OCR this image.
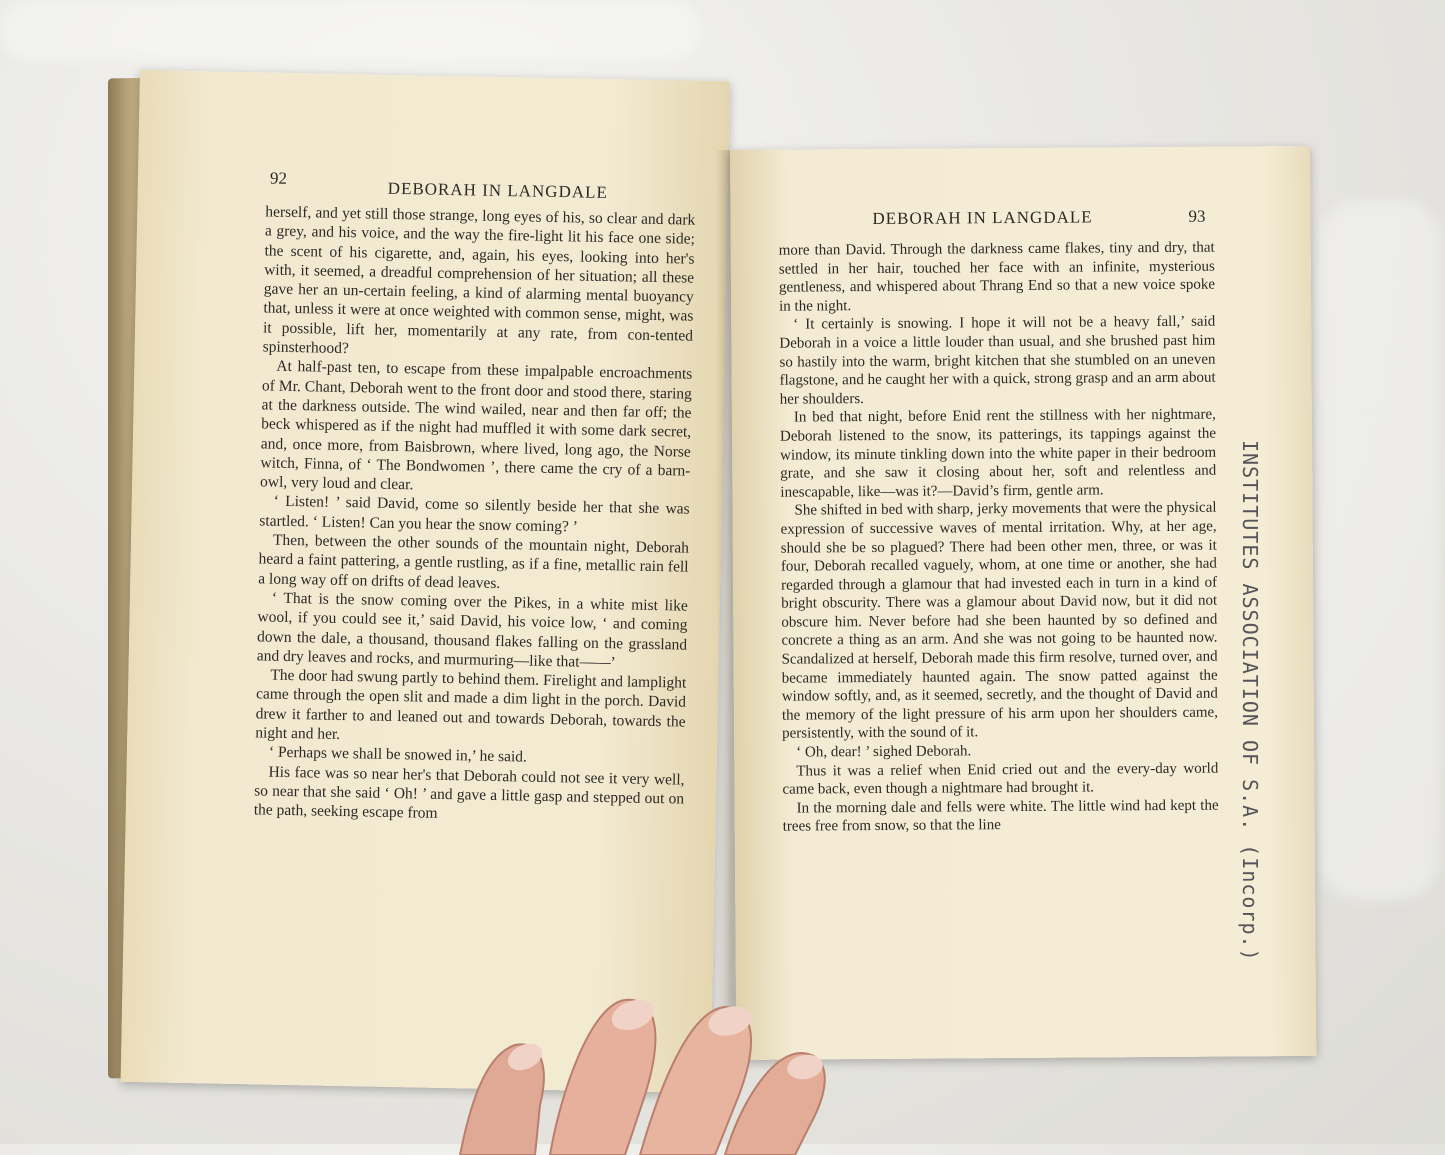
92
DEBORAH IN LANGDALE

herself, and yet still those strange, long eyes of his, so clear and dark a grey, and his voice, and the way the fire-light lit his face one side; the scent of his cigarette, and, again, his eyes, looking into her's with, it seemed, a dreadful comprehension of her situation; all these gave her an un-certain feeling, a kind of alarming mental buoyancy that, unless it were at once weighted with common sense, might, was it possible, lift her, momentarily at any rate, from con-tented spinsterhood?

At half-past ten, to escape from these impalpable encroachments of Mr. Chant, Deborah went to the front door and stood there, staring at the darkness outside. The wind wailed, near and then far off; the beck whispered as if the night had muffled it with some dark secret, and, once more, from Baisbrown, where lived, long ago, the Norse witch, Finna, of ‘ The Bondwomen ’, there came the cry of a barn-owl, very loud and clear.

‘ Listen! ’ said David, come so silently beside her that she was startled. ‘ Listen! Can you hear the snow coming? ’

Then, between the other sounds of the mountain night, Deborah heard a faint pattering, a gentle rustling, as if a fine, metallic rain fell a long way off on drifts of dead leaves.

‘ That is the snow coming over the Pikes, in a white mist like wool, if you could see it,’ said David, his voice low, ‘ and coming down the dale, a thousand, thousand flakes falling on the grassland and dry leaves and rocks, and murmuring—like that——’

The door had swung partly to behind them. Firelight and lamplight came through the open slit and made a dim light in the porch. David drew it farther to and leaned out and towards Deborah, towards the night and her.

‘ Perhaps we shall be snowed in,’ he said.

His face was so near her's that Deborah could not see it very well, so near that she said ‘ Oh! ’ and gave a little gasp and stepped out on the path, seeking escape from

DEBORAH IN LANGDALE	93

more than David. Through the darkness came flakes, tiny and dry, that settled in her hair, touched her face with an infinite, mysterious gentleness, and whispered about Thrang End so that a new voice spoke in the night.

‘ It certainly is snowing. I hope it will not be a heavy fall,’ said Deborah in a voice a little louder than usual, and she brushed past him so hastily into the warm, bright kitchen that she stumbled on an uneven flagstone, and he caught her with a quick, strong grasp and an arm about her shoulders.

In bed that night, before Enid rent the stillness with her nightmare, Deborah listened to the snow, its patterings, its tappings against the window, its minute tinkling down into the white paper in their bedroom grate, and she saw it closing about her, soft and relentless and inescapable, like—was it?—David’s firm, gentle arm.

She shifted in bed with sharp, jerky movements that were the physical expression of successive waves of mental irritation. Why, at her age, should she be so plagued? There had been other men, three, or was it four, Deborah recalled vaguely, whom, at one time or another, she had regarded through a glamour that had invested each in turn in a kind of bright obscurity. There was a glamour about David now, but it did not obscure him. Never before had she been haunted by so defined and concrete a thing as an arm. And she was not going to be haunted now. Scandalized at herself, Deborah made this firm resolve, turned over, and became immediately haunted again. The snow patted against the window softly, and, as it seemed, secretly, and the thought of David and the memory of the light pressure of his arm upon her shoulders came, persistently, with the sound of it.

‘ Oh, dear! ’ sighed Deborah.

Thus it was a relief when Enid cried out and the every-day world came back, even though a nightmare had brought it.

In the morning dale and fells were white. The little wind had kept the trees free from snow, so that the line	INSTITUTES ASSOCIATION OF S.A. (Incorp.)
